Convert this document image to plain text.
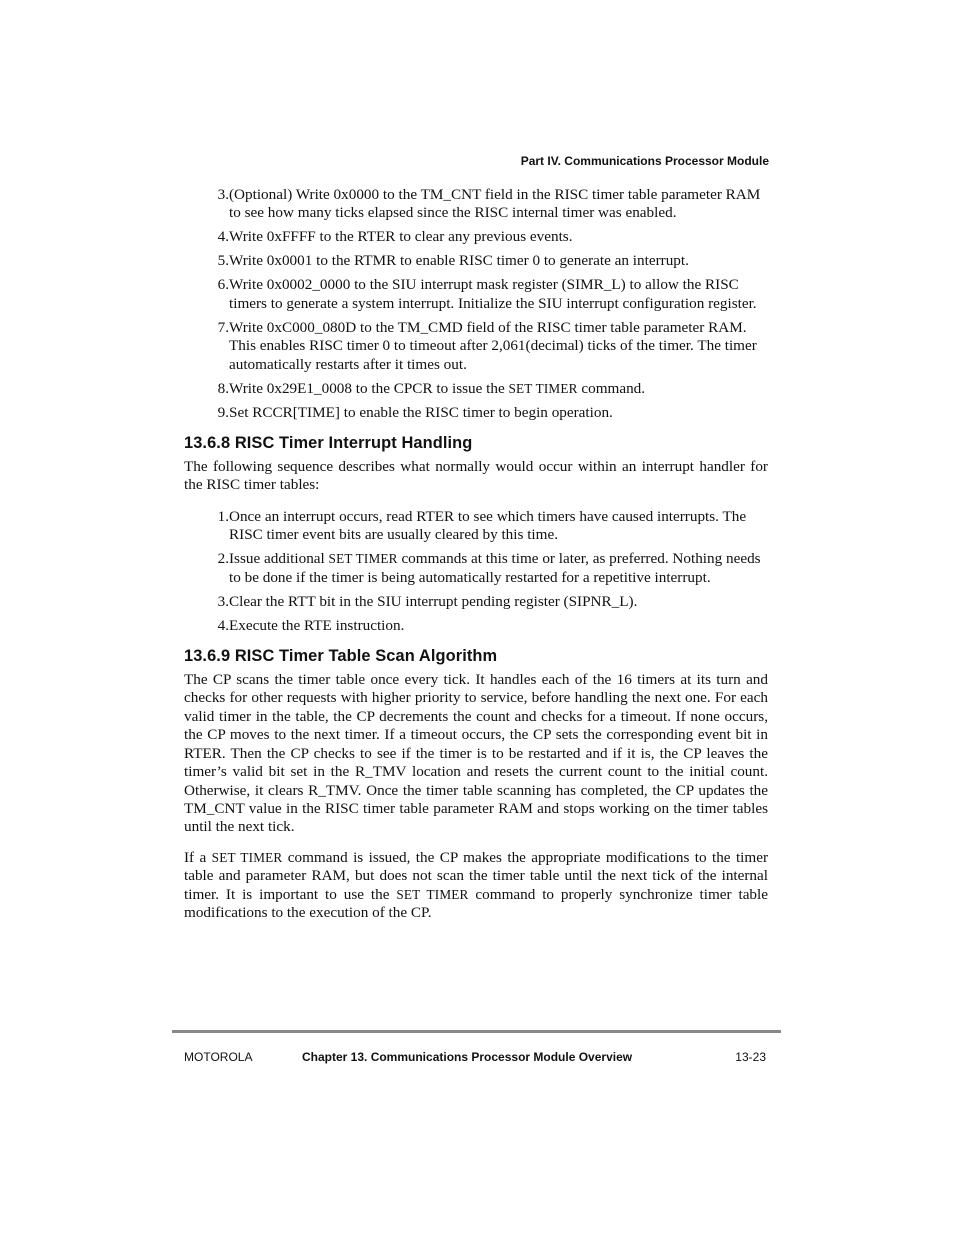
Part IV. Communications Processor Module
3. (Optional) Write 0x0000 to the TM_CNT field in the RISC timer table parameter RAM to see how many ticks elapsed since the RISC internal timer was enabled.
4. Write 0xFFFF to the RTER to clear any previous events.
5. Write 0x0001 to the RTMR to enable RISC timer 0 to generate an interrupt.
6. Write 0x0002_0000 to the SIU interrupt mask register (SIMR_L) to allow the RISC timers to generate a system interrupt. Initialize the SIU interrupt configuration register.
7. Write 0xC000_080D to the TM_CMD field of the RISC timer table parameter RAM. This enables RISC timer 0 to timeout after 2,061(decimal) ticks of the timer. The timer automatically restarts after it times out.
8. Write 0x29E1_0008 to the CPCR to issue the SET TIMER command.
9. Set RCCR[TIME] to enable the RISC timer to begin operation.
13.6.8 RISC Timer Interrupt Handling

The following sequence describes what normally would occur within an interrupt handler for the RISC timer tables:

1. Once an interrupt occurs, read RTER to see which timers have caused interrupts. The RISC timer event bits are usually cleared by this time.
2. Issue additional SET TIMER commands at this time or later, as preferred. Nothing needs to be done if the timer is being automatically restarted for a repetitive interrupt.
3. Clear the RTT bit in the SIU interrupt pending register (SIPNR_L).
4. Execute the RTE instruction.
13.6.9 RISC Timer Table Scan Algorithm

The CP scans the timer table once every tick. It handles each of the 16 timers at its turn and checks for other requests with higher priority to service, before handling the next one. For each valid timer in the table, the CP decrements the count and checks for a timeout. If none occurs, the CP moves to the next timer. If a timeout occurs, the CP sets the corresponding event bit in RTER. Then the CP checks to see if the timer is to be restarted and if it is, the CP leaves the timer’s valid bit set in the R_TMV location and resets the current count to the initial count. Otherwise, it clears R_TMV. Once the timer table scanning has completed, the CP updates the TM_CNT value in the RISC timer table parameter RAM and stops working on the timer tables until the next tick.

If a SET TIMER command is issued, the CP makes the appropriate modifications to the timer table and parameter RAM, but does not scan the timer table until the next tick of the internal timer. It is important to use the SET TIMER command to properly synchronize timer table modifications to the execution of the CP.

MOTOROLA	Chapter 13. Communications Processor Module Overview	13-23
